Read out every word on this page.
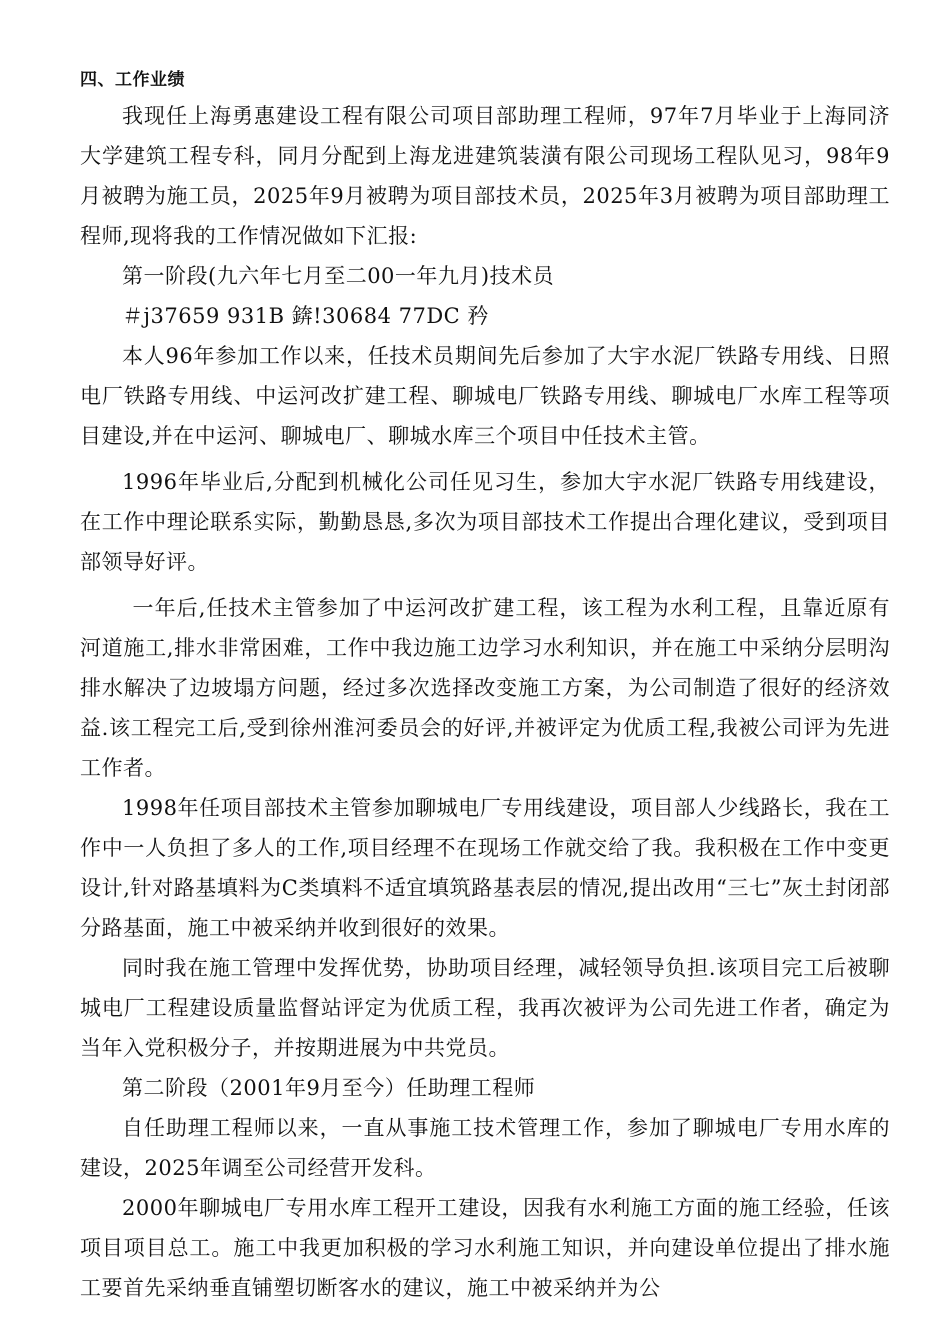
四、工作业绩

我现任上海勇惠建设工程有限公司项目部助理工程师，97年7月毕业于上海同济大学建筑工程专科，同月分配到上海龙进建筑装潢有限公司现场工程队见习，98年9月被聘为施工员，2025年9月被聘为项目部技术员，2025年3月被聘为项目部助理工程师,现将我的工作情况做如下汇报:

第一阶段(九六年七月至二00一年九月)技术员

＃j37659 931B 錛!30684 77DC 矜

本人96年参加工作以来，任技术员期间先后参加了大宇水泥厂铁路专用线、日照电厂铁路专用线、中运河改扩建工程、聊城电厂铁路专用线、聊城电厂水库工程等项目建设,并在中运河、聊城电厂、聊城水库三个项目中任技术主管。

1996年毕业后,分配到机械化公司任见习生，参加大宇水泥厂铁路专用线建设，在工作中理论联系实际，勤勤恳恳,多次为项目部技术工作提出合理化建议，受到项目部领导好评。

一年后,任技术主管参加了中运河改扩建工程，该工程为水利工程，且靠近原有河道施工,排水非常困难，工作中我边施工边学习水利知识，并在施工中采纳分层明沟排水解决了边坡塌方问题，经过多次选择改变施工方案，为公司制造了很好的经济效益.该工程完工后,受到徐州淮河委员会的好评,并被评定为优质工程,我被公司评为先进工作者。

1998年任项目部技术主管参加聊城电厂专用线建设，项目部人少线路长，我在工作中一人负担了多人的工作,项目经理不在现场工作就交给了我。我积极在工作中变更设计,针对路基填料为C类填料不适宜填筑路基表层的情况,提出改用“三七”灰土封闭部分路基面，施工中被采纳并收到很好的效果。

同时我在施工管理中发挥优势，协助项目经理，减轻领导负担.该项目完工后被聊城电厂工程建设质量监督站评定为优质工程，我再次被评为公司先进工作者，确定为当年入党积极分子，并按期进展为中共党员。

第二阶段（2001年9月至今）任助理工程师

自任助理工程师以来，一直从事施工技术管理工作，参加了聊城电厂专用水库的建设，2025年调至公司经营开发科。

2000年聊城电厂专用水库工程开工建设，因我有水利施工方面的施工经验，任该项目项目总工。施工中我更加积极的学习水利施工知识，并向建设单位提出了排水施工要首先采纳垂直铺塑切断客水的建议，施工中被采纳并为公
